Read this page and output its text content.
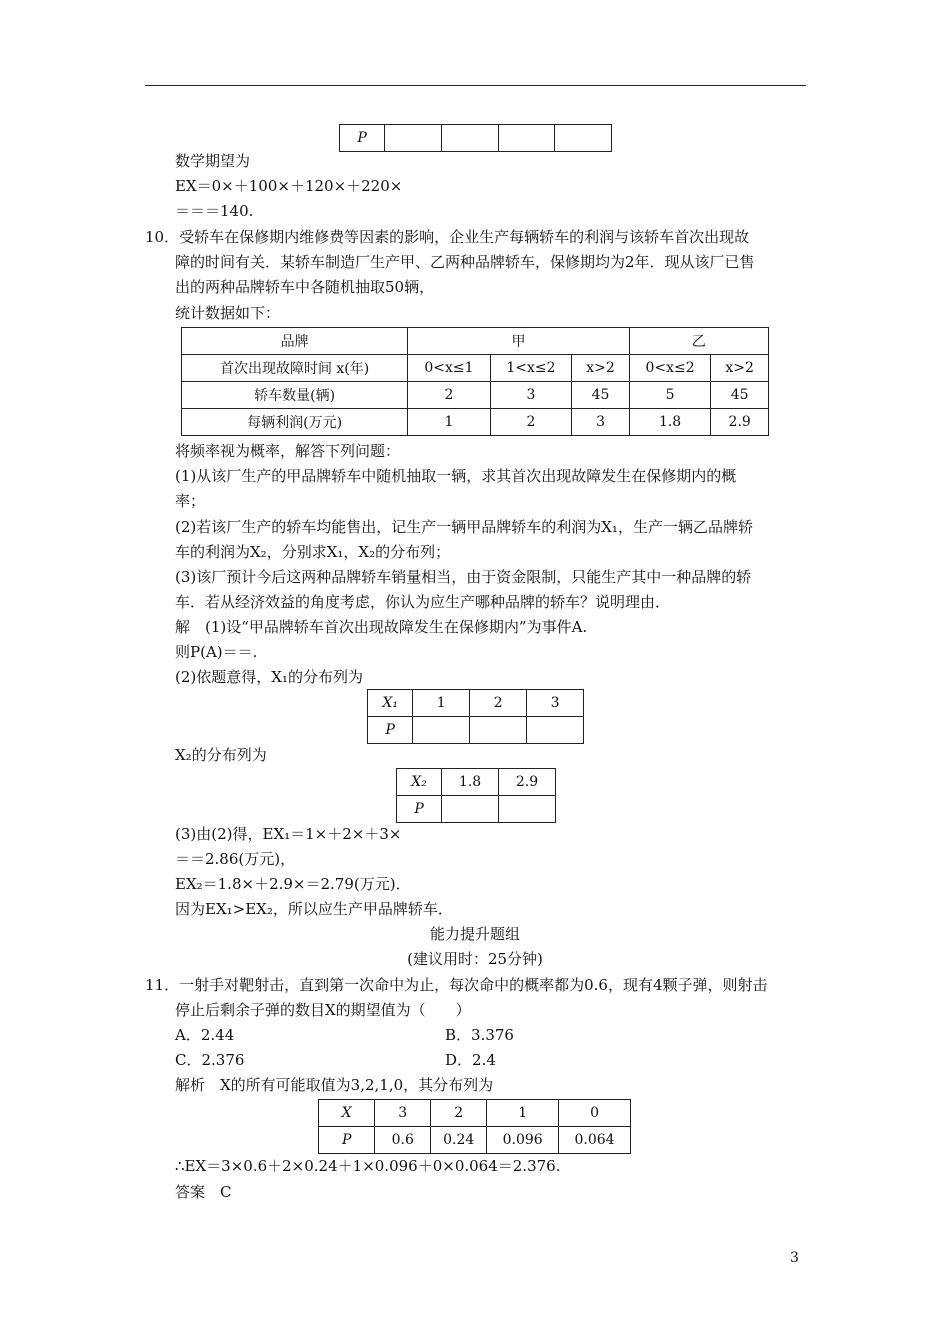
P				
数学期望为
EX＝0×＋100×＋120×＋220×
＝＝＝140.
10．受轿车在保修期内维修费等因素的影响，企业生产每辆轿车的利润与该轿车首次出现故
障的时间有关．某轿车制造厂生产甲、乙两种品牌轿车，保修期均为2年．现从该厂已售
出的两种品牌轿车中各随机抽取50辆，
统计数据如下：
品牌	甲			乙	
首次出现故障时间 x(年)	0<x≤1	1<x≤2	x>2	0<x≤2	x>2
轿车数量(辆)	2	3	45	5	45
每辆利润(万元)	1	2	3	1.8	2.9
将频率视为概率，解答下列问题：
(1)从该厂生产的甲品牌轿车中随机抽取一辆，求其首次出现故障发生在保修期内的概
率；
(2)若该厂生产的轿车均能售出，记生产一辆甲品牌轿车的利润为X₁，生产一辆乙品牌轿
车的利润为X₂，分别求X₁，X₂的分布列；
(3)该厂预计今后这两种品牌轿车销量相当，由于资金限制，只能生产其中一种品牌的轿
车．若从经济效益的角度考虑，你认为应生产哪种品牌的轿车？说明理由．
解　(1)设“甲品牌轿车首次出现故障发生在保修期内”为事件A.
则P(A)＝＝.
(2)依题意得，X₁的分布列为
X₁	1	2	3
P			
X₂的分布列为
X₂	1.8	2.9
P		
(3)由(2)得，EX₁＝1×＋2×＋3×
＝＝2.86(万元)，
EX₂＝1.8×＋2.9×＝2.79(万元)．
因为EX₁>EX₂，所以应生产甲品牌轿车．
能力提升题组
(建议用时：25分钟)
11．一射手对靶射击，直到第一次命中为止，每次命中的概率都为0.6，现有4颗子弹，则射击
停止后剩余子弹的数目X的期望值为（　　）
A．2.44	B．3.376
C．2.376	D．2.4
解析　X的所有可能取值为3,2,1,0，其分布列为
X	3	2	1	0
P	0.6	0.24	0.096	0.064
∴EX＝3×0.6＋2×0.24＋1×0.096＋0×0.064＝2.376.
答案　C
3
